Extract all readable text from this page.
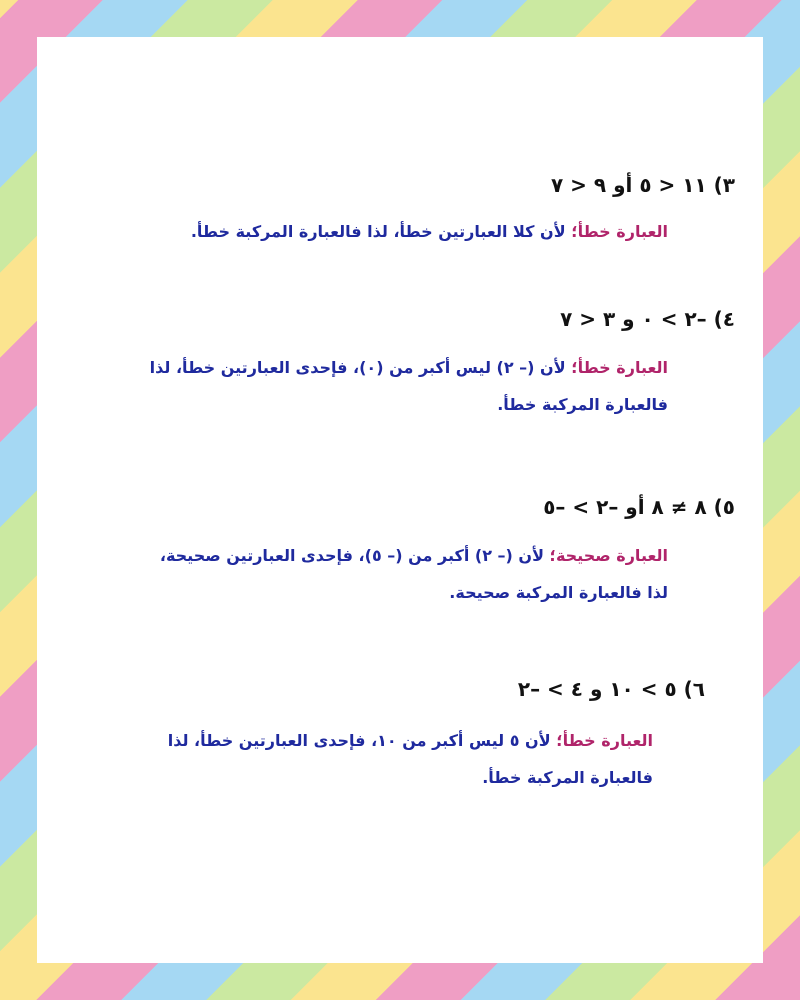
٣) ١١ < ٥ أو ٩ < ٧
العبارة خطأ؛ لأن كلا العبارتين خطأ، لذا فالعبارة المركبة خطأ.
٤) –٢ > ٠ و ٣ < ٧
العبارة خطأ؛ لأن (– ٢) ليس أكبر من (٠)، فإحدى العبارتين خطأ، لذا
فالعبارة المركبة خطأ.
٥) ٨ ≠ ٨ أو –٢ > –٥
العبارة صحيحة؛ لأن (– ٢) أكبر من (– ٥)، فإحدى العبارتين صحيحة،
لذا فالعبارة المركبة صحيحة.
٦) ٥ > ١٠ و ٤ > –٢
العبارة خطأ؛ لأن ٥ ليس أكبر من ١٠، فإحدى العبارتين خطأ، لذا
فالعبارة المركبة خطأ.
